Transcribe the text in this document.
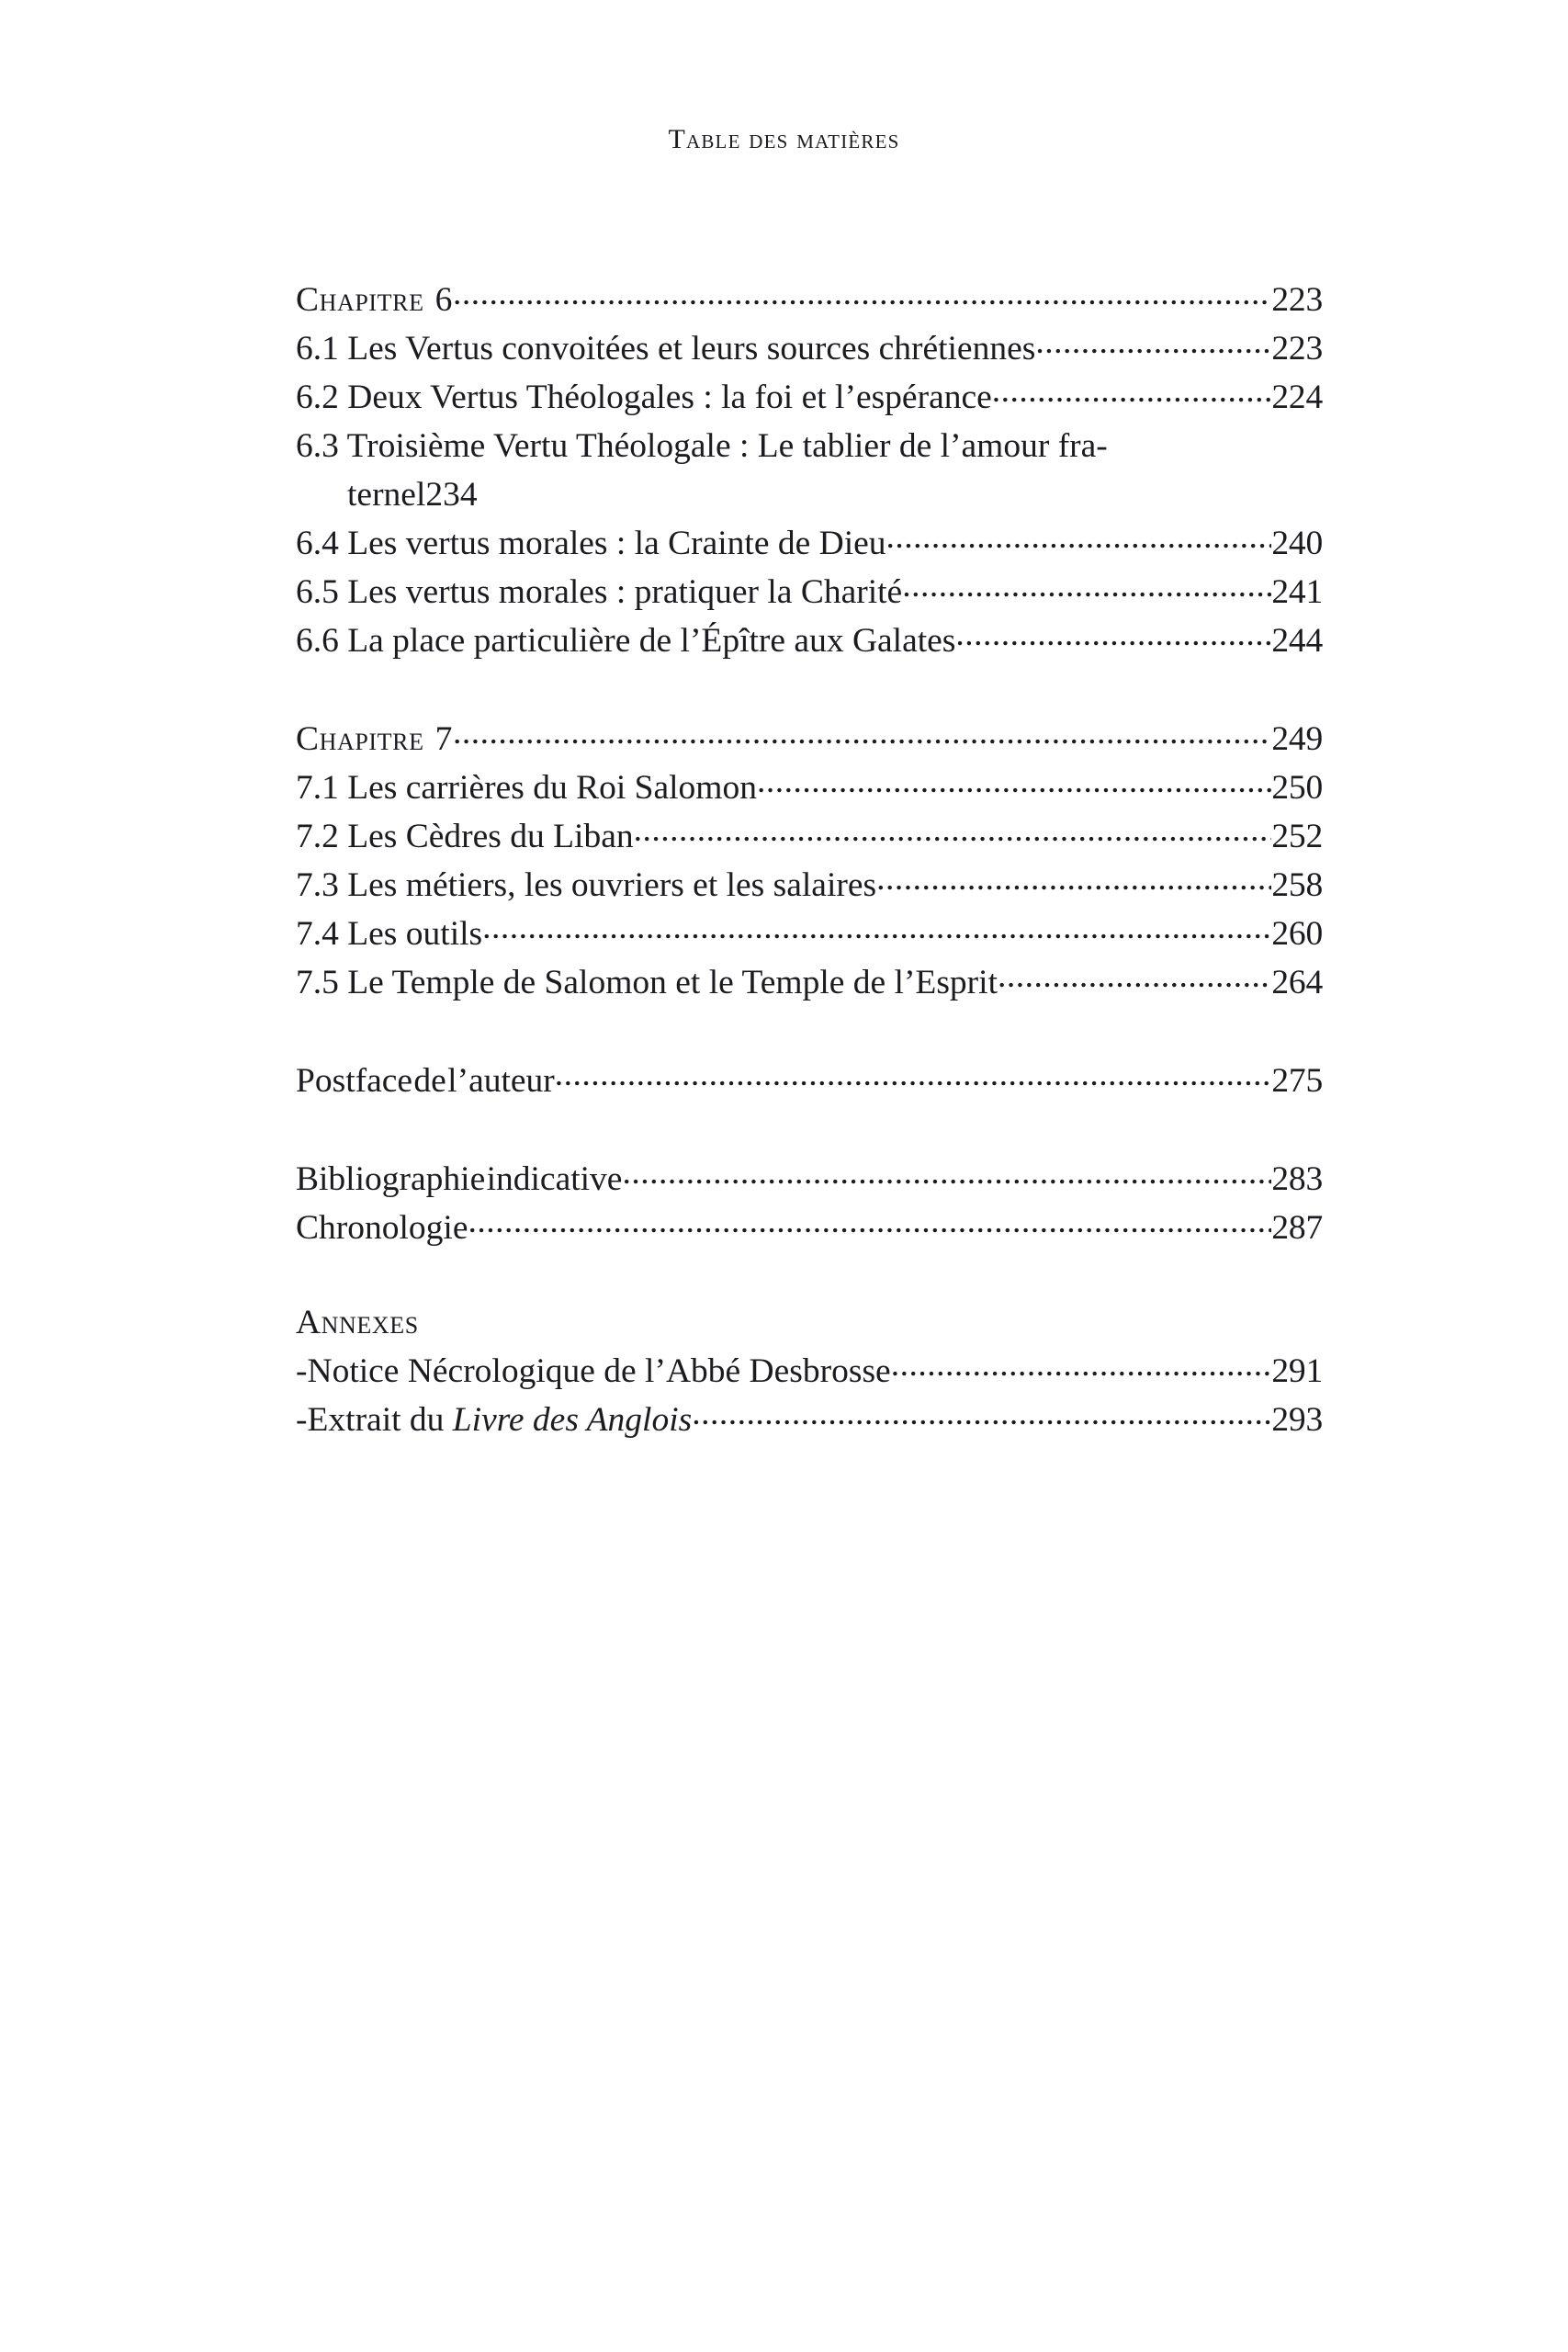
Table des matières
Chapitre 6 .....	223
6.1 Les Vertus convoitées et leurs sources chrétiennes .....	223
6.2 Deux Vertus Théologales : la foi et l’espérance .....	224
6.3 Troisième Vertu Théologale : Le tablier de l’amour fra-
ternel 234
6.4 Les vertus morales : la Crainte de Dieu .....	240
6.5 Les vertus morales : pratiquer la Charité .....	241
6.6 La place particulière de l’Épître aux Galates .....	244
Chapitre 7 .....	249
7.1 Les carrières du Roi Salomon .....	250
7.2 Les Cèdres du Liban .....	252
7.3 Les métiers, les ouvriers et les salaires .....	258
7.4 Les outils .....	260
7.5 Le Temple de Salomon et le Temple de l’Esprit .....	264
Postface de l’auteur .....	275
Bibliographie indicative .....	283
Chronologie .....	287
Annexes
-Notice Nécrologique de l’Abbé Desbrosse .....	291
-Extrait du Livre des Anglois .....	293
